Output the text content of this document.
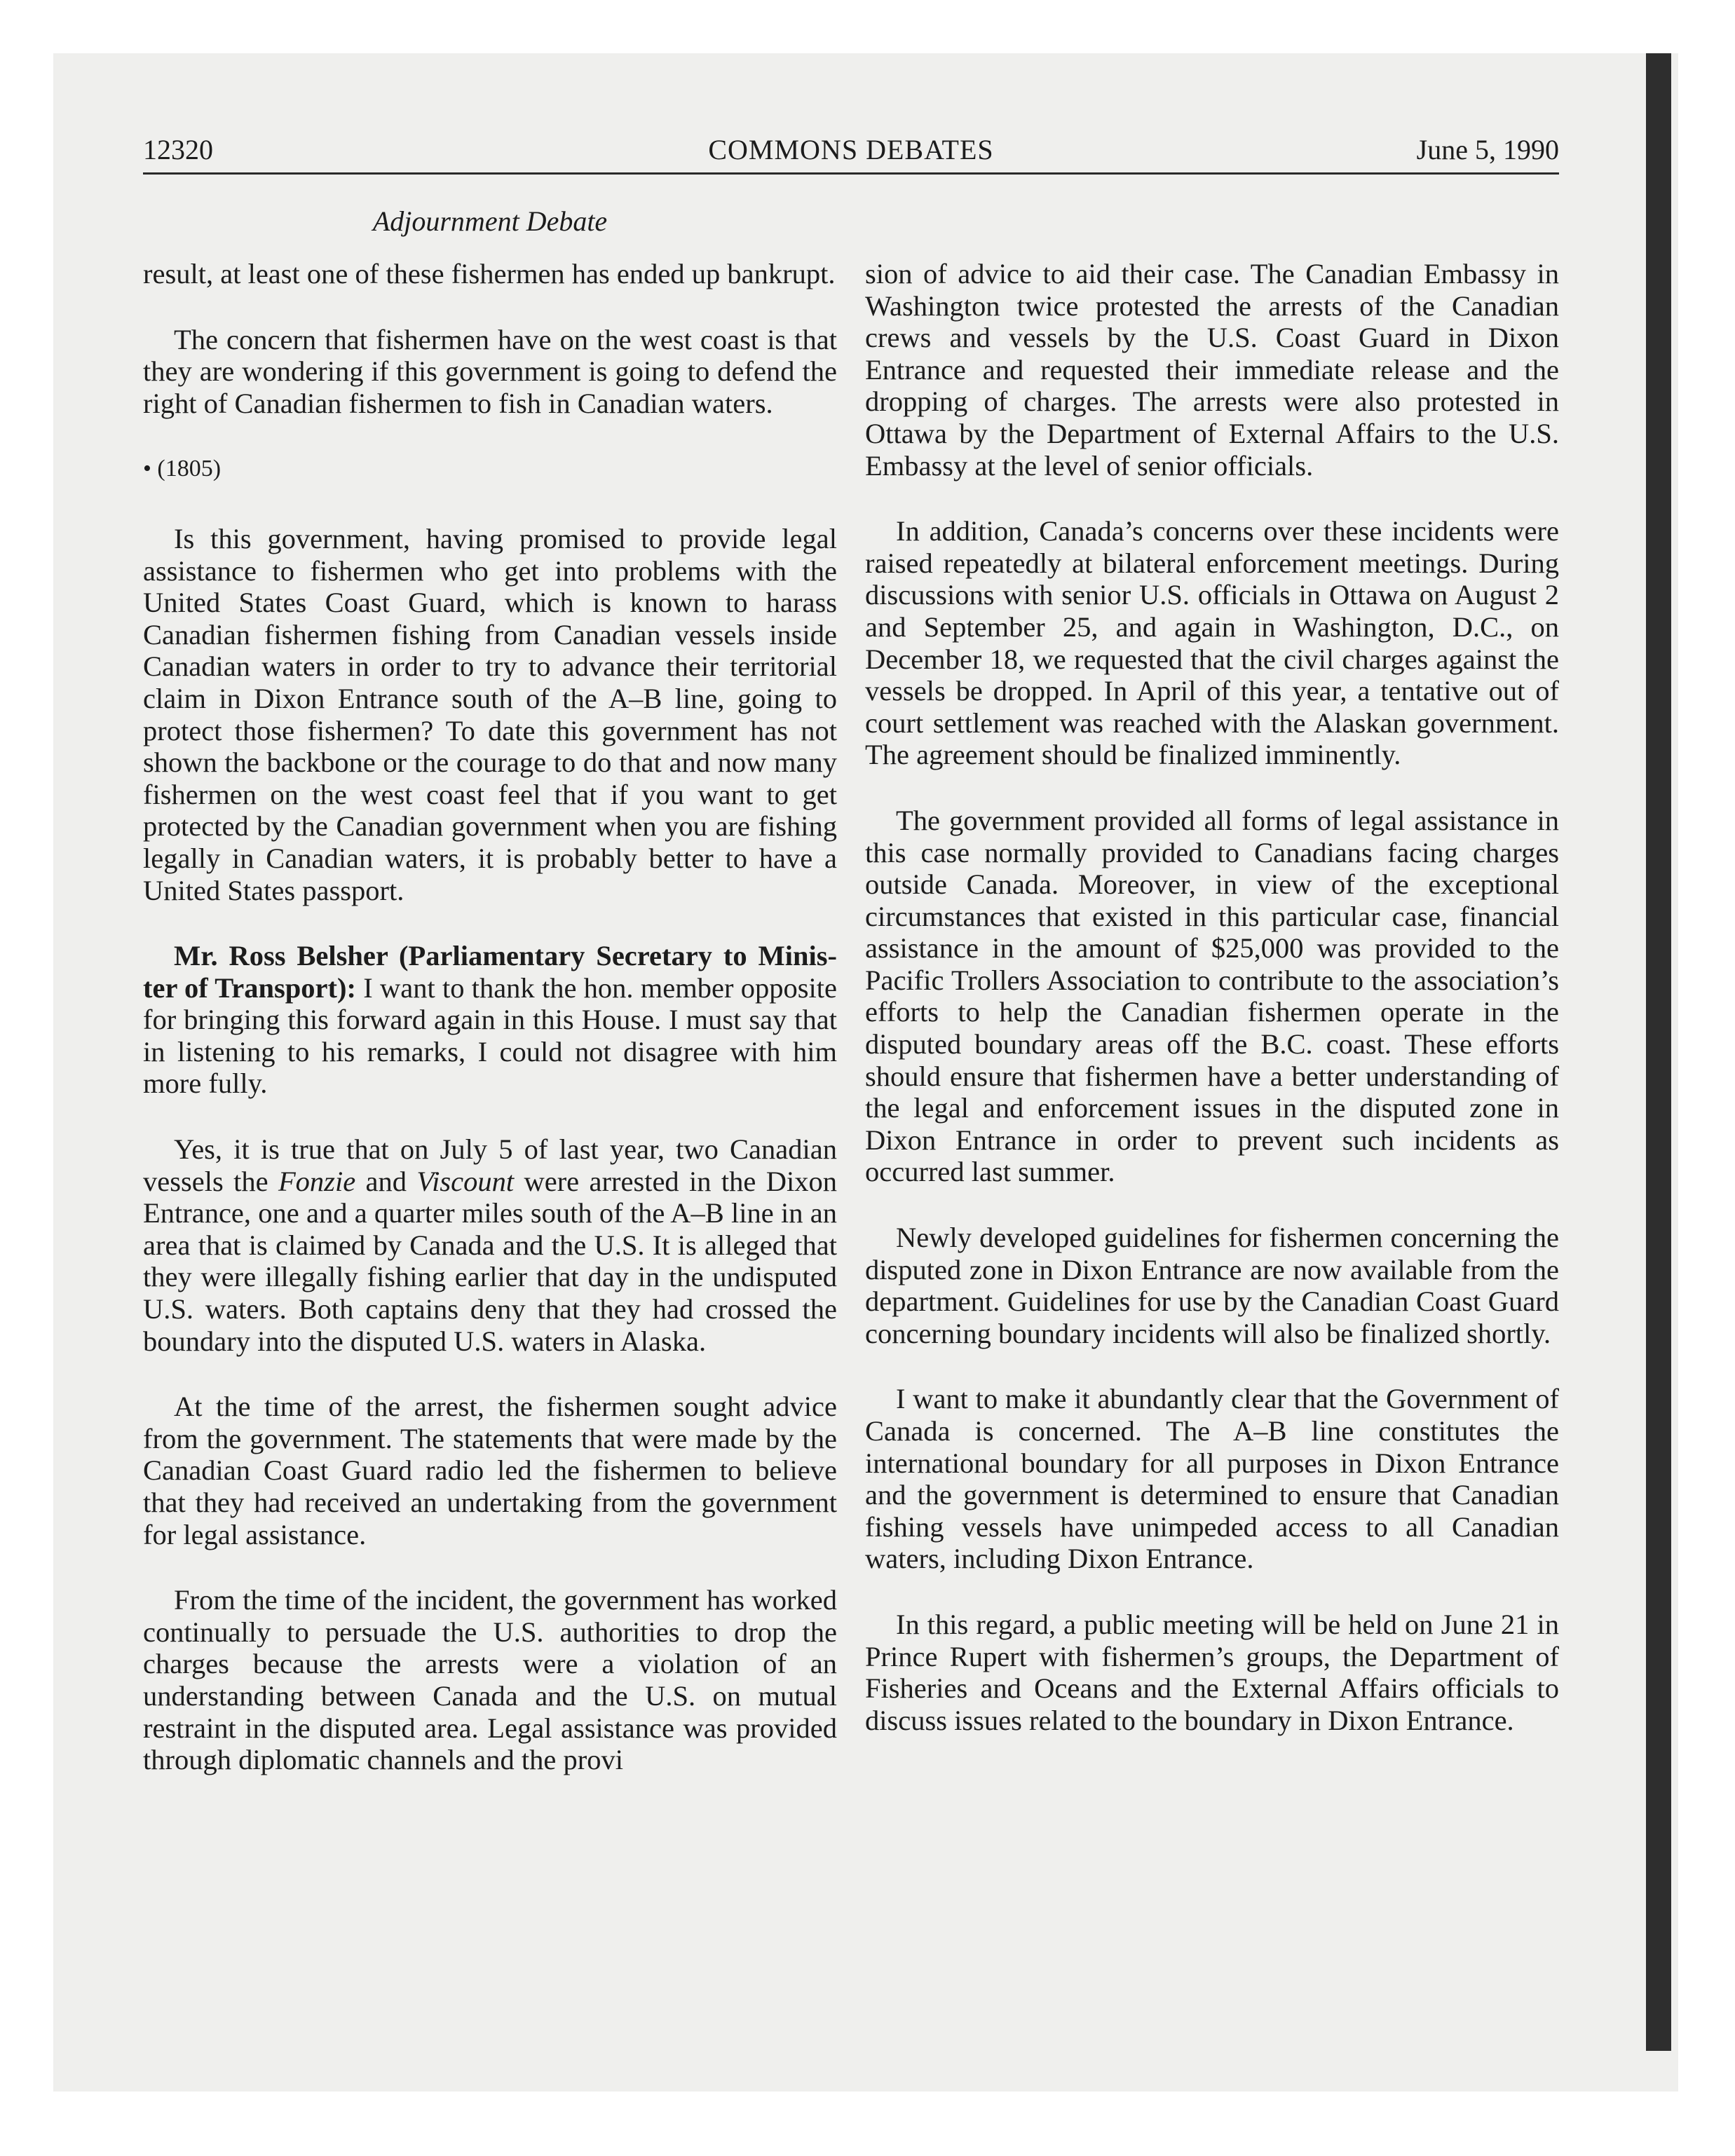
12320	COMMONS DEBATES	June 5, 1990
Adjournment Debate

result, at least one of these fishermen has ended up bankrupt.

The concern that fishermen have on the west coast is that they are wondering if this government is going to defend the right of Canadian fishermen to fish in Canadian waters.

• (1805)

Is this government, having promised to provide legal assistance to fishermen who get into problems with the United States Coast Guard, which is known to harass Canadian fishermen fishing from Canadian vessels inside Canadian waters in order to try to advance their territorial claim in Dixon Entrance south of the A–B line, going to protect those fishermen? To date this government has not shown the backbone or the courage to do that and now many fishermen on the west coast feel that if you want to get protected by the Canadian government when you are fishing legally in Canadian waters, it is probably better to have a United States passport.

Mr. Ross Belsher (Parliamentary Secretary to Minister of Transport): I want to thank the hon. member opposite for bringing this forward again in this House. I must say that in listening to his remarks, I could not disagree with him more fully.

Yes, it is true that on July 5 of last year, two Canadian vessels the Fonzie and Viscount were arrested in the Dixon Entrance, one and a quarter miles south of the A–B line in an area that is claimed by Canada and the U.S. It is alleged that they were illegally fishing earlier that day in the undisputed U.S. waters. Both captains deny that they had crossed the boundary into the disputed U.S. waters in Alaska.

At the time of the arrest, the fishermen sought advice from the government. The statements that were made by the Canadian Coast Guard radio led the fishermen to believe that they had received an undertaking from the government for legal assistance.

From the time of the incident, the government has worked continually to persuade the U.S. authorities to drop the charges because the arrests were a violation of an understanding between Canada and the U.S. on mutual restraint in the disputed area. Legal assistance was provided through diplomatic channels and the provi

sion of advice to aid their case. The Canadian Embassy in Washington twice protested the arrests of the Canadian crews and vessels by the U.S. Coast Guard in Dixon Entrance and requested their immediate release and the dropping of charges. The arrests were also protested in Ottawa by the Department of External Affairs to the U.S. Embassy at the level of senior officials.

In addition, Canada’s concerns over these incidents were raised repeatedly at bilateral enforcement meetings. During discussions with senior U.S. officials in Ottawa on August 2 and September 25, and again in Washington, D.C., on December 18, we requested that the civil charges against the vessels be dropped. In April of this year, a tentative out of court settlement was reached with the Alaskan government. The agreement should be finalized imminently.

The government provided all forms of legal assistance in this case normally provided to Canadians facing charges outside Canada. Moreover, in view of the exceptional circumstances that existed in this particular case, financial assistance in the amount of $25,000 was provided to the Pacific Trollers Association to contribute to the association’s efforts to help the Canadian fishermen operate in the disputed boundary areas off the B.C. coast. These efforts should ensure that fishermen have a better understanding of the legal and enforcement issues in the disputed zone in Dixon Entrance in order to prevent such incidents as occurred last summer.

Newly developed guidelines for fishermen concerning the disputed zone in Dixon Entrance are now available from the department. Guidelines for use by the Canadian Coast Guard concerning boundary incidents will also be finalized shortly.

I want to make it abundantly clear that the Government of Canada is concerned. The A–B line constitutes the international boundary for all purposes in Dixon Entrance and the government is determined to ensure that Canadian fishing vessels have unimpeded access to all Canadian waters, including Dixon Entrance.

In this regard, a public meeting will be held on June 21 in Prince Rupert with fishermen’s groups, the Department of Fisheries and Oceans and the External Affairs officials to discuss issues related to the boundary in Dixon Entrance.
